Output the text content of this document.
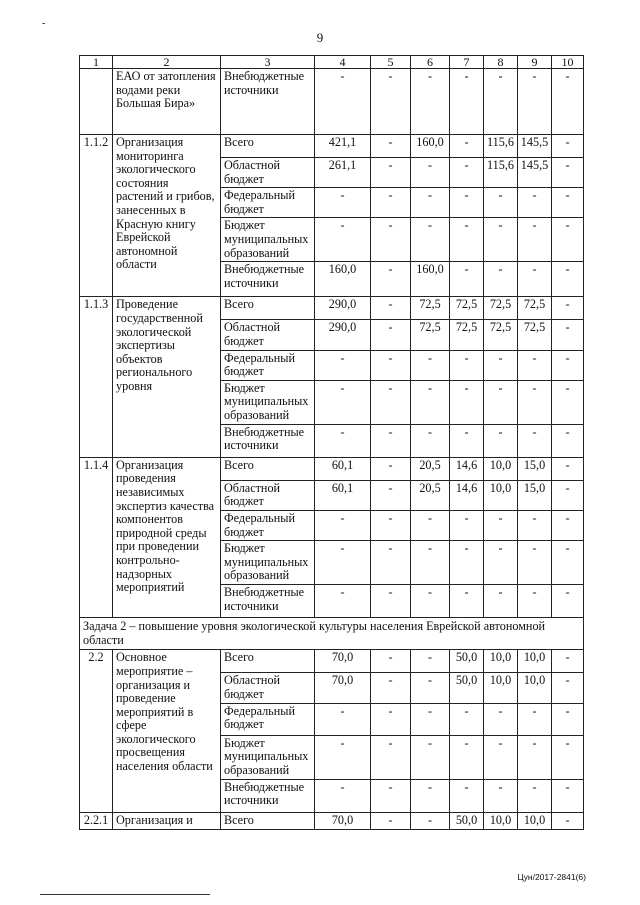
-
9
1	2	3	4	5	6	7	8	9	10
	ЕАО от затопления водами реки Большая Бира»	Внебюджетные источники	-	-	-	-	-	-	-
1.1.2	Организация мониторинга экологического состояния растений и грибов, занесенных в Красную книгу Еврейской автономной области	Всего	421,1	-	160,0	-	115,6	145,5	-
		Областной бюджет	261,1	-	-	-	115,6	145,5	-
		Федеральный бюджет	-	-	-	-	-	-	-
		Бюджет муниципальных образований	-	-	-	-	-	-	-
		Внебюджетные источники	160,0	-	160,0	-	-	-	-
1.1.3	Проведение государственной экологической экспертизы объектов регионального уровня	Всего	290,0	-	72,5	72,5	72,5	72,5	-
		Областной бюджет	290,0	-	72,5	72,5	72,5	72,5	-
		Федеральный бюджет	-	-	-	-	-	-	-
		Бюджет муниципальных образований	-	-	-	-	-	-	-
		Внебюджетные источники	-	-	-	-	-	-	-
1.1.4	Организация проведения независимых экспертиз качества компонентов природной среды при проведении контрольно-надзорных мероприятий	Всего	60,1	-	20,5	14,6	10,0	15,0	-
		Областной бюджет	60,1	-	20,5	14,6	10,0	15,0	-
		Федеральный бюджет	-	-	-	-	-	-	-
		Бюджет муниципальных образований	-	-	-	-	-	-	-
		Внебюджетные источники	-	-	-	-	-	-	-
Задача 2 – повышение уровня экологической культуры населения Еврейской автономной области									
2.2	Основное мероприятие – организация и проведение мероприятий в сфере экологического просвещения населения области	Всего	70,0	-	-	50,0	10,0	10,0	-
		Областной бюджет	70,0	-	-	50,0	10,0	10,0	-
		Федеральный бюджет	-	-	-	-	-	-	-
		Бюджет муниципальных образований	-	-	-	-	-	-	-
		Внебюджетные источники	-	-	-	-	-	-	-
2.2.1	Организация и	Всего	70,0	-	-	50,0	10,0	10,0	-
Цун/2017-2841(6)
